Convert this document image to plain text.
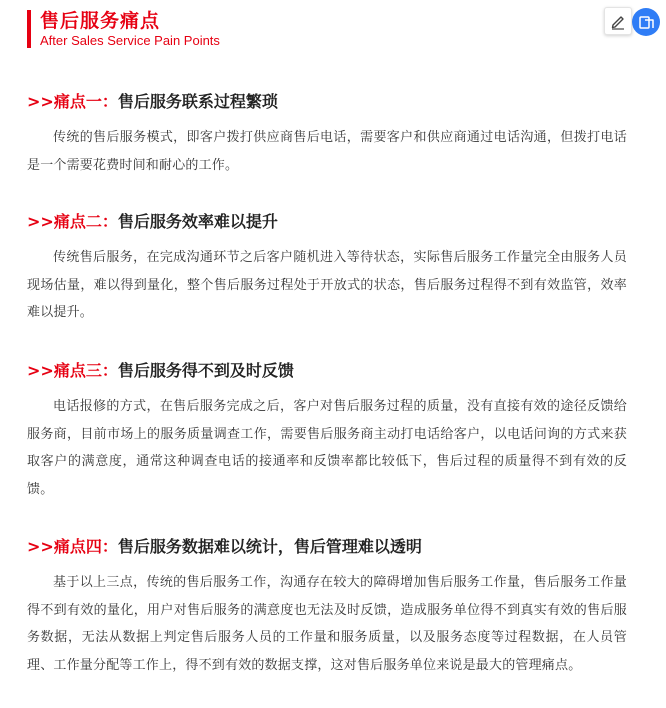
售后服务痛点
After Sales Service Pain Points
>>痛点一：售后服务联系过程繁琐
传统的售后服务模式，即客户拨打供应商售后电话，需要客户和供应商通过电话沟通，但拨打电话是一个需要花费时间和耐心的工作。
>>痛点二：售后服务效率难以提升
传统售后服务，在完成沟通环节之后客户随机进入等待状态，实际售后服务工作量完全由服务人员现场估量，难以得到量化，整个售后服务过程处于开放式的状态，售后服务过程得不到有效监管，效率难以提升。
>>痛点三：售后服务得不到及时反馈
电话报修的方式，在售后服务完成之后，客户对售后服务过程的质量，没有直接有效的途径反馈给服务商，目前市场上的服务质量调查工作，需要售后服务商主动打电话给客户，以电话问询的方式来获取客户的满意度，通常这种调查电话的接通率和反馈率都比较低下，售后过程的质量得不到有效的反馈。
>>痛点四：售后服务数据难以统计，售后管理难以透明
基于以上三点，传统的售后服务工作，沟通存在较大的障碍增加售后服务工作量，售后服务工作量得不到有效的量化，用户对售后服务的满意度也无法及时反馈，造成服务单位得不到真实有效的售后服务数据，无法从数据上判定售后服务人员的工作量和服务质量，以及服务态度等过程数据，在人员管理、工作量分配等工作上，得不到有效的数据支撑，这对售后服务单位来说是最大的管理痛点。
